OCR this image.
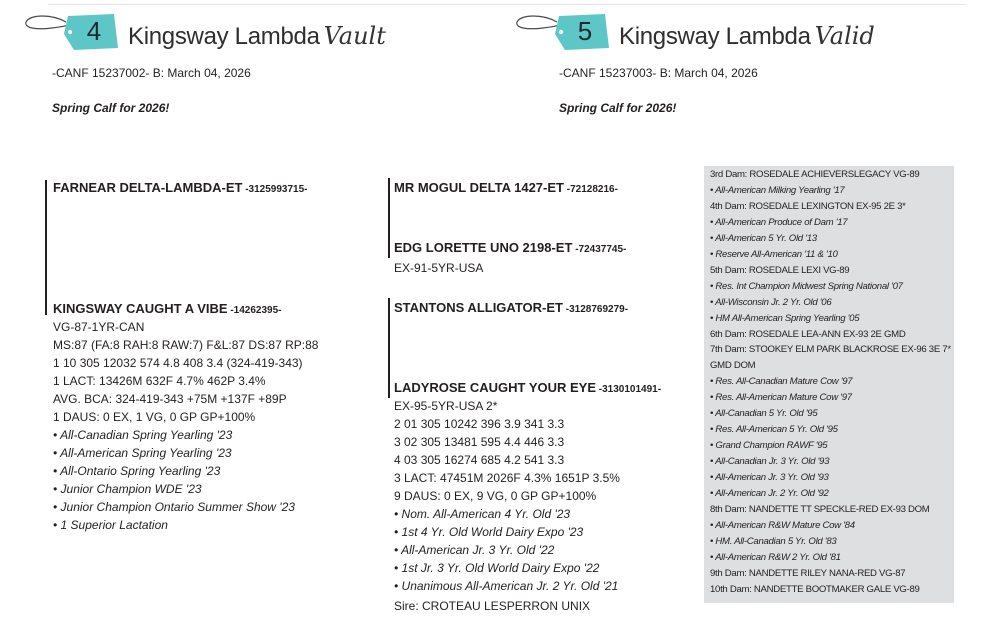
4	Kingsway Lambda Vault
-CANF 15237002- B: March 04, 2026
Spring Calf for 2026!
5	Kingsway Lambda Valid
-CANF 15237003- B: March 04, 2026
Spring Calf for 2026!
FARNEAR DELTA-LAMBDA-ET -3125993715-
KINGSWAY CAUGHT A VIBE -14262395-
VG-87-1YR-CAN
MS:87 (FA:8 RAH:8 RAW:7) F&L:87 DS:87 RP:88
1 10 305 12032 574 4.8 408 3.4 (324-419-343)
1 LACT: 13426M 632F 4.7% 462P 3.4%
AVG. BCA: 324-419-343 +75M +137F +89P
1 DAUS: 0 EX, 1 VG, 0 GP GP+100%
• All-Canadian Spring Yearling '23
• All-American Spring Yearling '23
• All-Ontario Spring Yearling '23
• Junior Champion WDE '23
• Junior Champion Ontario Summer Show '23
• 1 Superior Lactation
MR MOGUL DELTA 1427-ET -72128216-
EDG LORETTE UNO 2198-ET -72437745-
EX-91-5YR-USA
STANTONS ALLIGATOR-ET -3128769279-
LADYROSE CAUGHT YOUR EYE -3130101491-
EX-95-5YR-USA 2*
2 01 305 10242 396 3.9 341 3.3
3 02 305 13481 595 4.4 446 3.3
4 03 305 16274 685 4.2 541 3.3
3 LACT: 47451M 2026F 4.3% 1651P 3.5%
9 DAUS: 0 EX, 9 VG, 0 GP GP+100%
• Nom. All-American 4 Yr. Old '23
• 1st 4 Yr. Old World Dairy Expo '23
• All-American Jr. 3 Yr. Old '22
• 1st Jr. 3 Yr. Old World Dairy Expo '22
• Unanimous All-American Jr. 2 Yr. Old '21
Sire: CROTEAU LESPERRON UNIX
3rd Dam: ROSEDALE ACHIEVERSLEGACY VG-89
• All-American Milking Yearling '17
4th Dam: ROSEDALE LEXINGTON EX-95 2E 3*
• All-American Produce of Dam '17
• All-American 5 Yr. Old '13
• Reserve All-American '11 & '10
5th Dam: ROSEDALE LEXI VG-89
• Res. Int Champion Midwest Spring National '07
• All-Wisconsin Jr. 2 Yr. Old '06
• HM All-American Spring Yearling '05
6th Dam: ROSEDALE LEA-ANN EX-93 2E GMD
7th Dam: STOOKEY ELM PARK BLACKROSE EX-96 3E 7*
GMD DOM
• Res. All-Canadian Mature Cow '97
• Res. All-American Mature Cow '97
• All-Canadian 5 Yr. Old '95
• Res. All-American 5 Yr. Old '95
• Grand Champion RAWF '95
• All-Canadian Jr. 3 Yr. Old '93
• All-American Jr. 3 Yr. Old '93
• All-American Jr. 2 Yr. Old '92
8th Dam: NANDETTE TT SPECKLE-RED EX-93 DOM
• All-American R&W Mature Cow '84
• HM. All-Canadian 5 Yr. Old '83
• All-American R&W 2 Yr. Old '81
9th Dam: NANDETTE RILEY NANA-RED VG-87
10th Dam: NANDETTE BOOTMAKER GALE VG-89
